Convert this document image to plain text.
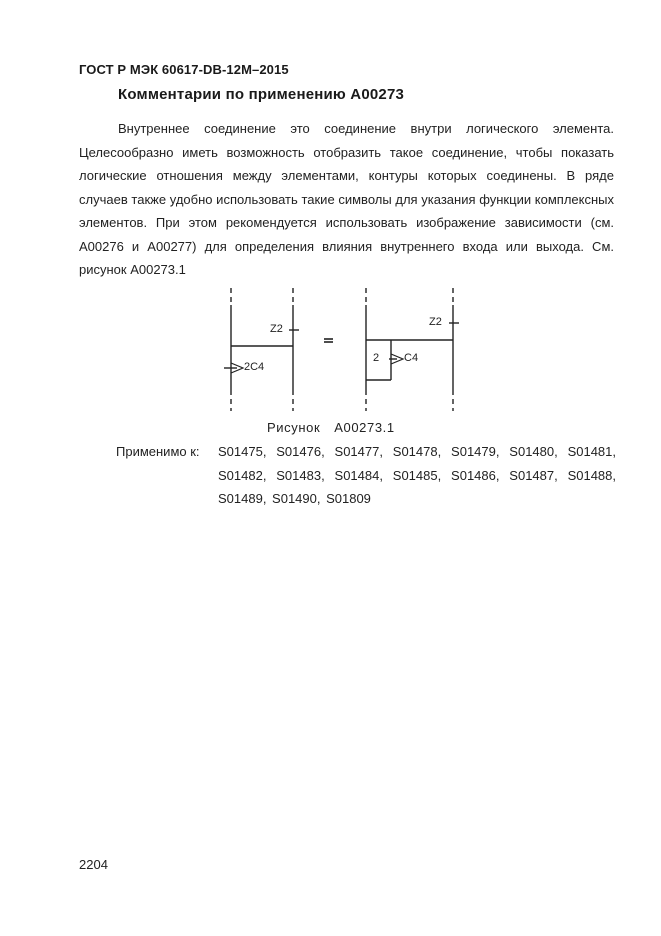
ГОСТ Р МЭК 60617-DB-12M–2015
Комментарии по применению A00273
Внутреннее соединение это соединение внутри логического элемента. Целесообразно иметь возможность отобразить такое соединение, чтобы показать логические отношения между элементами, контуры которых соединены. В ряде случаев также удобно использовать такие символы для указания функции комплексных элементов. При этом рекомендуется использовать изображение зависимости (см. A00276 и A00277) для определения влияния внутреннего входа или выхода. См. рисунок A00273.1
Z2
2C4
Z2
2 C4
Рисунок A00273.1
Применимо к: S01475, S01476, S01477, S01478, S01479, S01480, S01481, S01482, S01483, S01484, S01485, S01486, S01487, S01488, S01489, S01490, S01809
2204
